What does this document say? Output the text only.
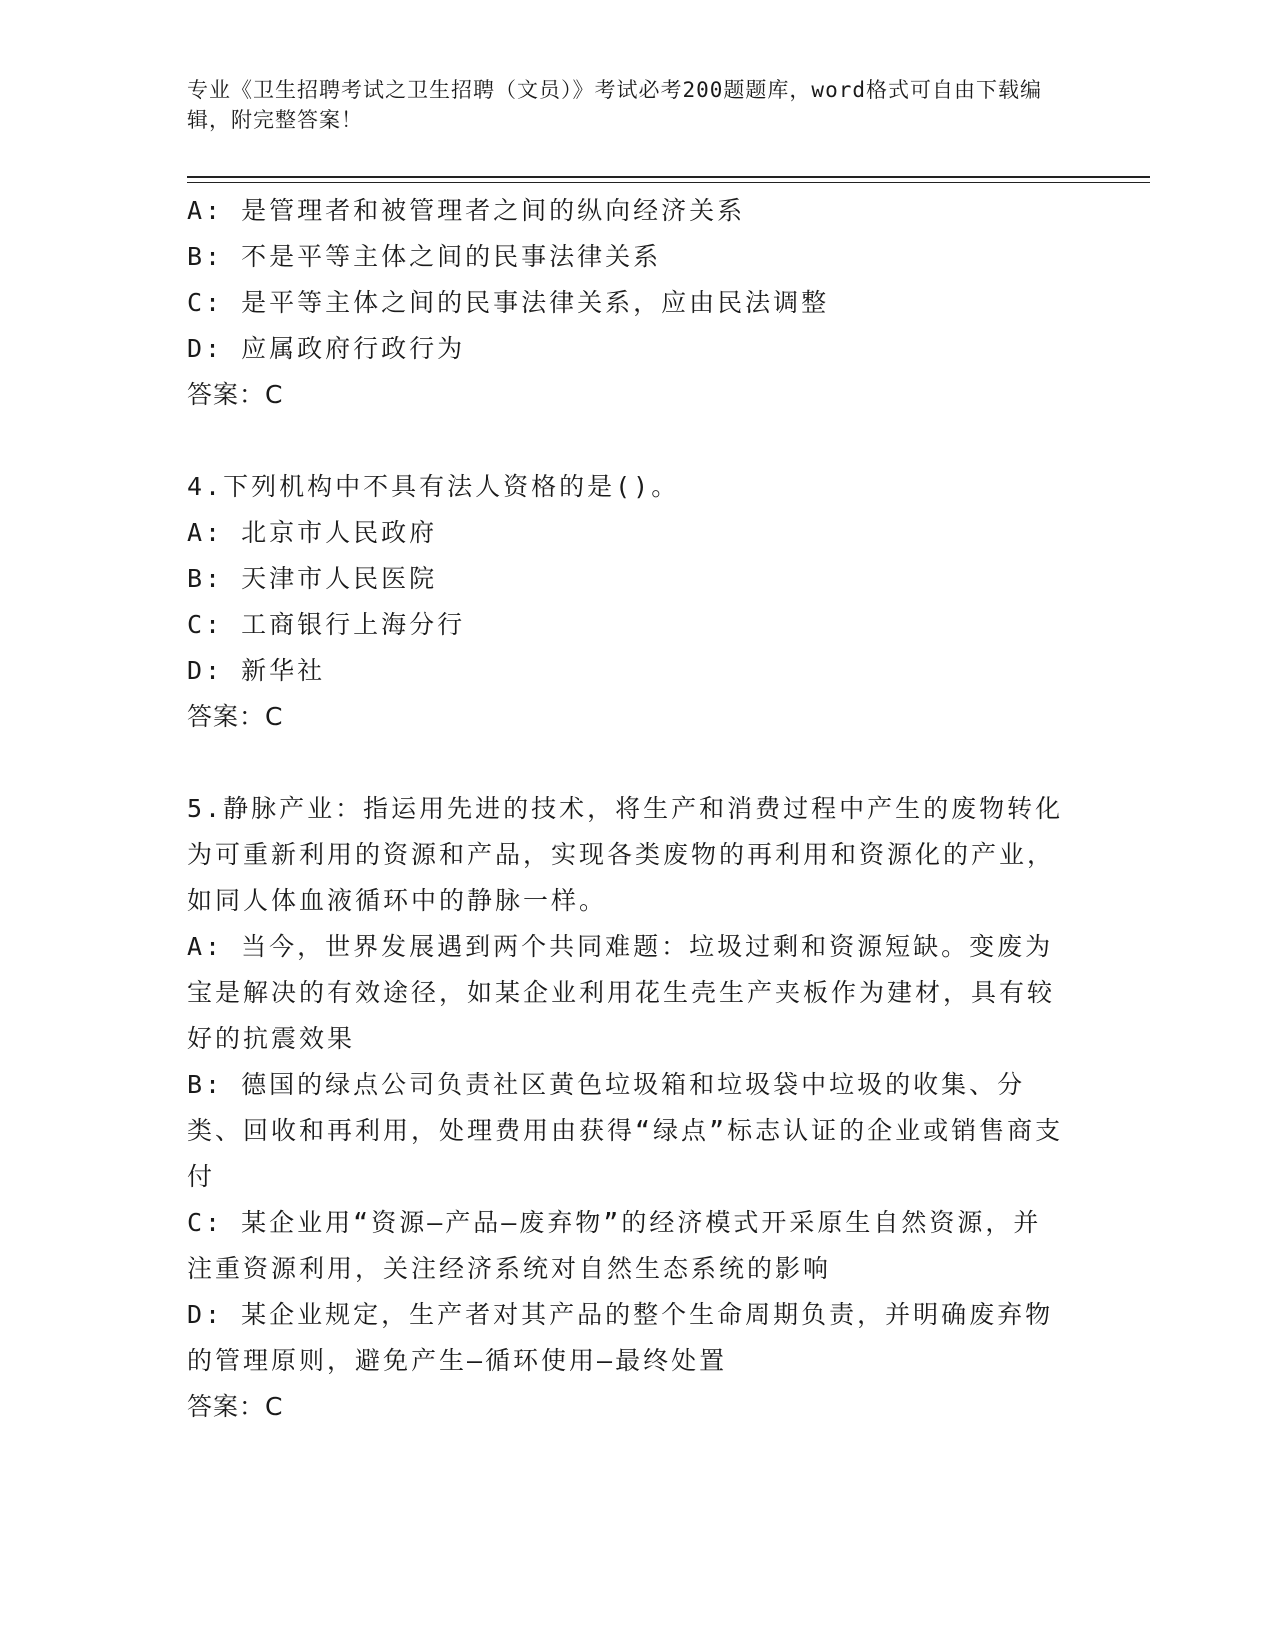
专业《卫生招聘考试之卫生招聘（文员）》考试必考200题题库，word格式可自由下载编辑，附完整答案！
A: 是管理者和被管理者之间的纵向经济关系
B: 不是平等主体之间的民事法律关系
C: 是平等主体之间的民事法律关系，应由民法调整
D: 应属政府行政行为
答案：C
4.下列机构中不具有法人资格的是()。
A: 北京市人民政府
B: 天津市人民医院
C: 工商银行上海分行
D: 新华社
答案：C
5.静脉产业：指运用先进的技术，将生产和消费过程中产生的废物转化为可重新利用的资源和产品，实现各类废物的再利用和资源化的产业，如同人体血液循环中的静脉一样。
A: 当今，世界发展遇到两个共同难题：垃圾过剩和资源短缺。变废为宝是解决的有效途径，如某企业利用花生壳生产夹板作为建材，具有较好的抗震效果
B: 德国的绿点公司负责社区黄色垃圾箱和垃圾袋中垃圾的收集、分类、回收和再利用，处理费用由获得“绿点”标志认证的企业或销售商支付
C: 某企业用“资源—产品—废弃物”的经济模式开采原生自然资源，并注重资源利用，关注经济系统对自然生态系统的影响
D: 某企业规定，生产者对其产品的整个生命周期负责，并明确废弃物的管理原则，避免产生—循环使用—最终处置
答案：C
